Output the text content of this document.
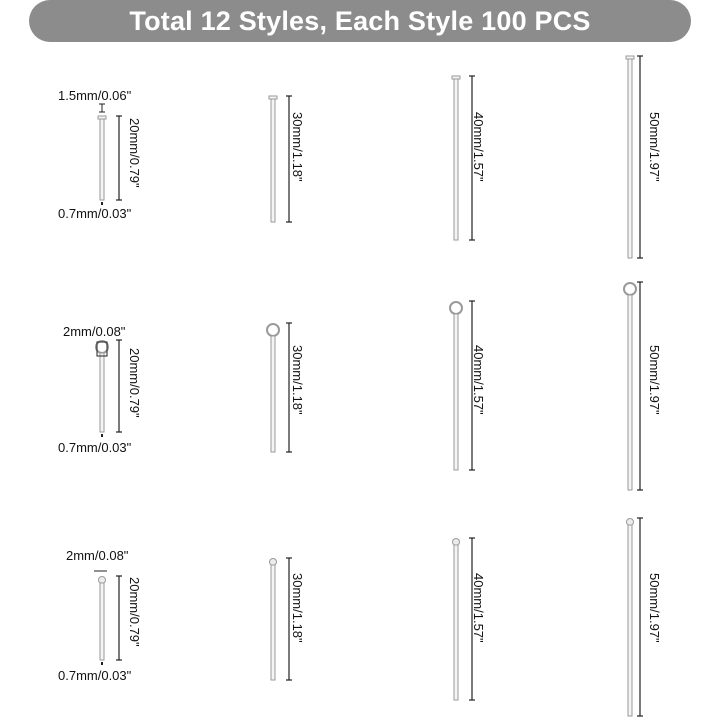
Total 12 Styles, Each Style 100 PCS
1.5mm/0.06"
0.7mm/0.03"
20mm/0.79"	30mm/1.18"	40mm/1.57"	50mm/1.97"
2mm/0.08"
0.7mm/0.03"
20mm/0.79"	30mm/1.18"	40mm/1.57"	50mm/1.97"
2mm/0.08"
0.7mm/0.03"
20mm/0.79"	30mm/1.18"	40mm/1.57"	50mm/1.97"
